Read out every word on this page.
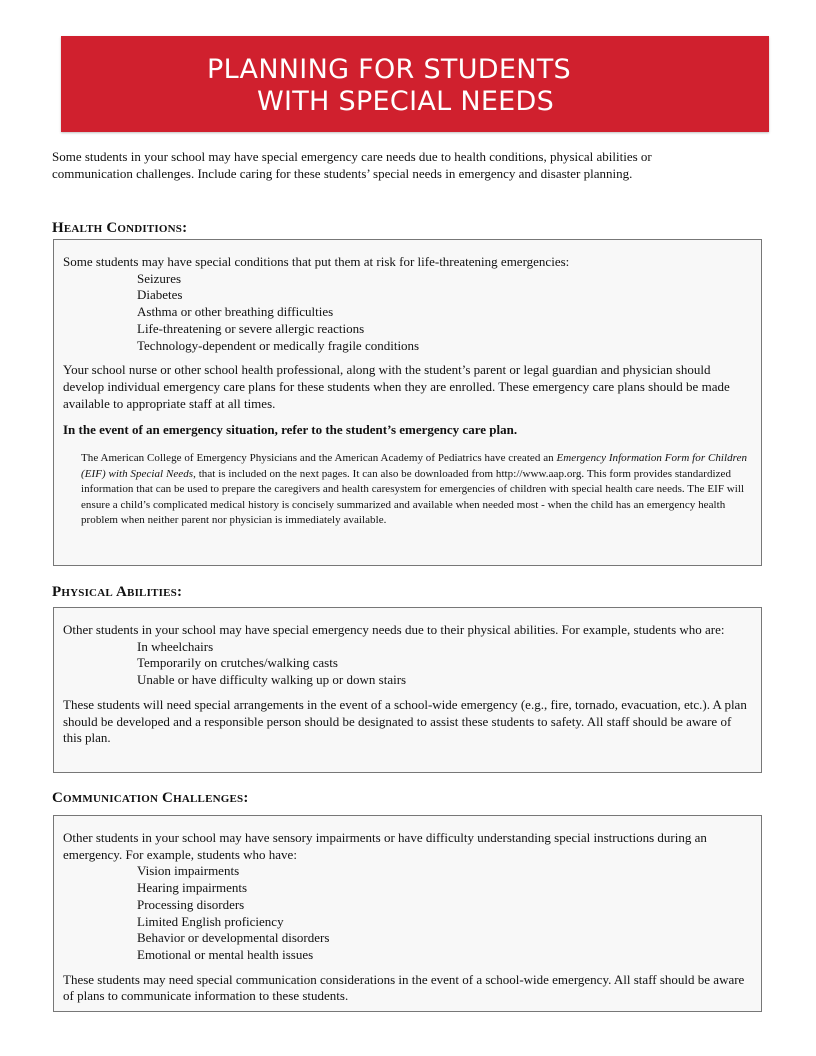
PLANNING FOR STUDENTS
WITH SPECIAL NEEDS

Some students in your school may have special emergency care needs due to health conditions, physical abilities or communication challenges. Include caring for these students’ special needs in emergency and disaster planning.

Health Conditions:

Some students may have special conditions that put them at risk for life-threatening emergencies:

Seizures
Diabetes
Asthma or other breathing difficulties
Life-threatening or severe allergic reactions
Technology-dependent or medically fragile conditions

Your school nurse or other school health professional, along with the student’s parent or legal guardian and physician should develop individual emergency care plans for these students when they are enrolled. These emergency care plans should be made available to appropriate staff at all times.

In the event of an emergency situation, refer to the student’s emergency care plan.

The American College of Emergency Physicians and the American Academy of Pediatrics have created an Emergency Information Form for Children (EIF) with Special Needs, that is included on the next pages. It can also be downloaded from http://www.aap.org. This form provides standardized information that can be used to prepare the caregivers and health caresystem for emergencies of children with special health care needs. The EIF will ensure a child’s complicated medical history is concisely summarized and available when needed most - when the child has an emergency health problem when neither parent nor physician is immediately available.

Physical Abilities:

Other students in your school may have special emergency needs due to their physical abilities. For example, students who are:

In wheelchairs
Temporarily on crutches/walking casts
Unable or have difficulty walking up or down stairs

These students will need special arrangements in the event of a school-wide emergency (e.g., fire, tornado, evacuation, etc.). A plan should be developed and a responsible person should be designated to assist these students to safety. All staff should be aware of this plan.

Communication Challenges:

Other students in your school may have sensory impairments or have difficulty understanding special instructions during an emergency. For example, students who have:

Vision impairments
Hearing impairments
Processing disorders
Limited English proficiency
Behavior or developmental disorders
Emotional or mental health issues

These students may need special communication considerations in the event of a school-wide emergency. All staff should be aware of plans to communicate information to these students.
